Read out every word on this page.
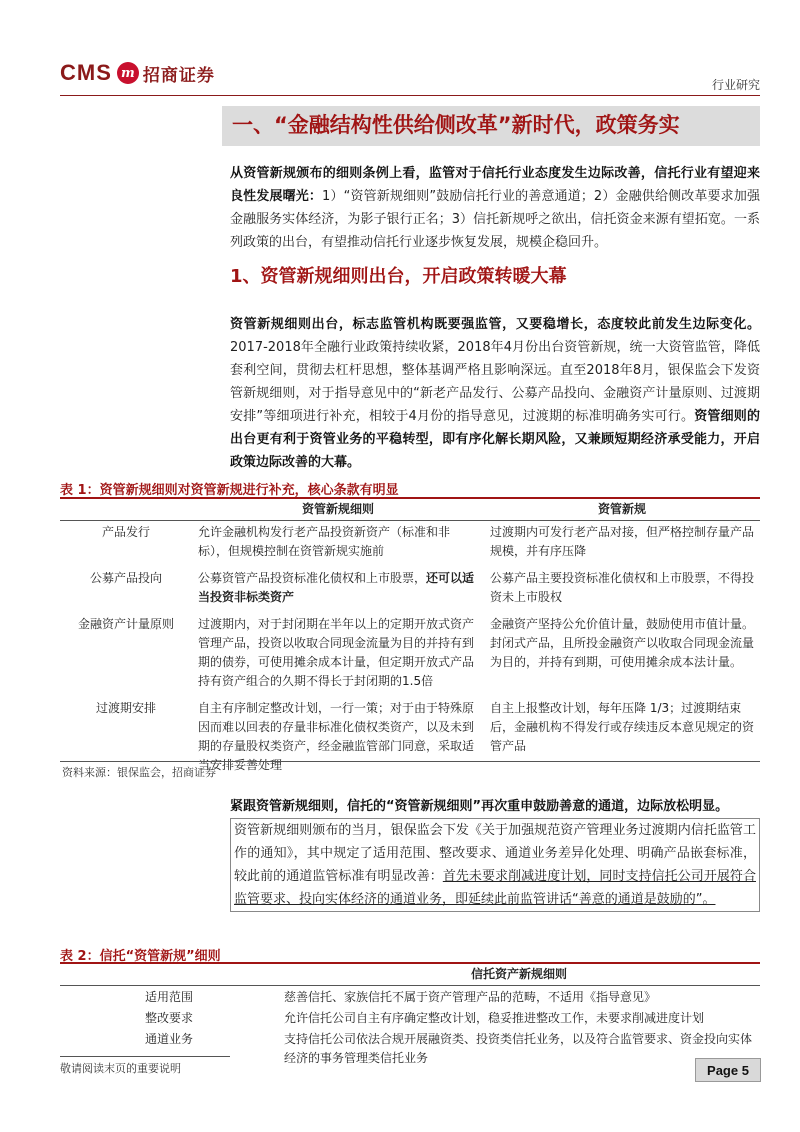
CMS m 招商证券	行业研究
一、“金融结构性供给侧改革”新时代，政策务实
从资管新规颁布的细则条例上看，监管对于信托行业态度发生边际改善，信托行业有望迎来良性发展曙光：1）“资管新规细则”鼓励信托行业的善意通道；2）金融供给侧改革要求加强金融服务实体经济，为影子银行正名；3）信托新规呼之欲出，信托资金来源有望拓宽。一系列政策的出台，有望推动信托行业逐步恢复发展，规模企稳回升。
1、资管新规细则出台，开启政策转暖大幕
资管新规细则出台，标志监管机构既要强监管，又要稳增长，态度较此前发生边际变化。2017-2018年全融行业政策持续收紧，2018年4月份出台资管新规，统一大资管监管，降低套利空间，贯彻去杠杆思想，整体基调严格且影响深远。直至2018年8月，银保监会下发资管新规细则，对于指导意见中的“新老产品发行、公募产品投向、金融资产计量原则、过渡期安排”等细项进行补充，相较于4月份的指导意见，过渡期的标准明确务实可行。资管细则的出台更有利于资管业务的平稳转型，即有序化解长期风险，又兼顾短期经济承受能力，开启政策边际改善的大幕。
表 1：资管新规细则对资管新规进行补充，核心条款有明显
	资管新规细则	资管新规
产品发行	允许金融机构发行老产品投资新资产（标准和非标），但规模控制在资管新规实施前	过渡期内可发行老产品对接，但严格控制存量产品规模，并有序压降
公募产品投向	公募资管产品投资标准化债权和上市股票，还可以适当投资非标类资产	公募产品主要投资标准化债权和上市股票，不得投资未上市股权
金融资产计量原则	过渡期内，对于封闭期在半年以上的定期开放式资产管理产品，投资以收取合同现金流量为目的并持有到期的债券，可使用摊余成本计量，但定期开放式产品持有资产组合的久期不得长于封闭期的1.5倍	金融资产坚持公允价值计量，鼓励使用市值计量。封闭式产品，且所投金融资产以收取合同现金流量为目的，并持有到期，可使用摊余成本法计量。
过渡期安排	自主有序制定整改计划，一行一策；对于由于特殊原因而难以回表的存量非标准化债权类资产，以及未到期的存量股权类资产，经金融监管部门同意，采取适当安排妥善处理	自主上报整改计划，每年压降 1/3；过渡期结束后，金融机构不得发行或存续违反本意见规定的资管产品
资料来源：银保监会，招商证券
紧跟资管新规细则，信托的“资管新规细则”再次重申鼓励善意的通道，边际放松明显。
资管新规细则颁布的当月，银保监会下发《关于加强规范资产管理业务过渡期内信托监管工作的通知》，其中规定了适用范围、整改要求、通道业务差异化处理、明确产品嵌套标准，较此前的通道监管标准有明显改善：首先未要求削减进度计划，同时支持信托公司开展符合监管要求、投向实体经济的通道业务，即延续此前监管讲话“善意的通道是鼓励的”。
表 2：信托“资管新规”细则
	信托资产新规细则
适用范围	慈善信托、家族信托不属于资产管理产品的范畴，不适用《指导意见》
整改要求	允许信托公司自主有序确定整改计划，稳妥推进整改工作，未要求削减进度计划
通道业务	支持信托公司依法合规开展融资类、投资类信托业务，以及符合监管要求、资金投向实体经济的事务管理类信托业务
敬请阅读末页的重要说明	Page 5
